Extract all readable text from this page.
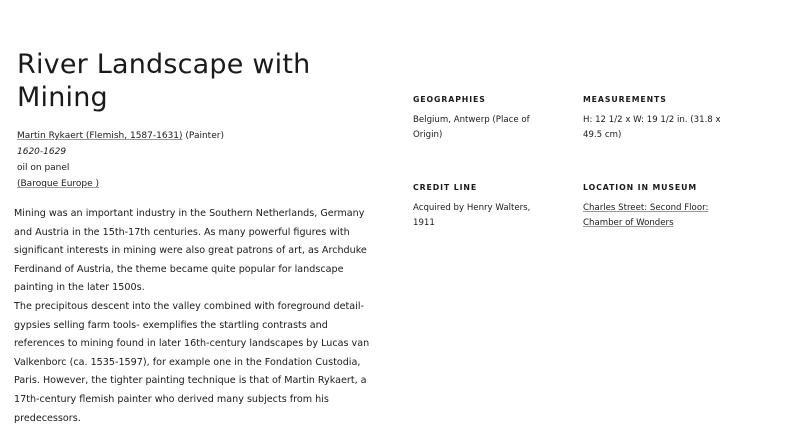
River Landscape with Mining
Martin Rykaert (Flemish, 1587-1631) (Painter)
1620-1629
oil on panel
(Baroque Europe )

Mining was an important industry in the Southern Netherlands, Germany and Austria in the 15th-17th centuries. As many powerful figures with significant interests in mining were also great patrons of art, as Archduke Ferdinand of Austria, the theme became quite popular for landscape painting in the later 1500s.

The precipitous descent into the valley combined with foreground detail- gypsies selling farm tools- exemplifies the startling contrasts and references to mining found in later 16th-century landscapes by Lucas van Valkenborc (ca. 1535-1597), for example one in the Fondation Custodia, Paris. However, the tighter painting technique is that of Martin Rykaert, a 17th-century flemish painter who derived many subjects from his predecessors.

GEOGRAPHIES
Belgium, Antwerp (Place of Origin)
MEASUREMENTS
H: 12 1/2 x W: 19 1/2 in. (31.8 x 49.5 cm)
CREDIT LINE
Acquired by Henry Walters, 1911
LOCATION IN MUSEUM
Charles Street: Second Floor: Chamber of Wonders
